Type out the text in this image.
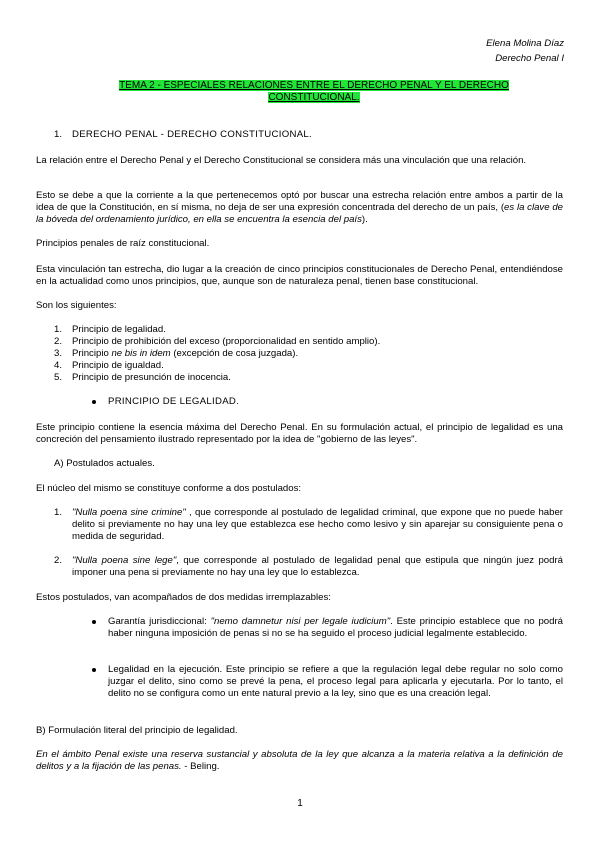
Elena Molina Díaz
Derecho Penal I
TEMA 2 - ESPECIALES RELACIONES ENTRE EL DERECHO PENAL Y EL DERECHO CONSTITUCIONAL.
1. DERECHO PENAL - DERECHO CONSTITUCIONAL.
La relación entre el Derecho Penal y el Derecho Constitucional se considera más una vinculación que una relación.
Esto se debe a que la corriente a la que pertenecemos optó por buscar una estrecha relación entre ambos a partir de la idea de que la Constitución, en sí misma, no deja de ser una expresión concentrada del derecho de un país, (es la clave de la bóveda del ordenamiento jurídico, en ella se encuentra la esencia del país).
Principios penales de raíz constitucional.
Esta vinculación tan estrecha, dio lugar a la creación de cinco principios constitucionales de Derecho Penal, entendiéndose en la actualidad como unos principios, que, aunque son de naturaleza penal, tienen base constitucional.
Son los siguientes:
1. Principio de legalidad.
2. Principio de prohibición del exceso (proporcionalidad en sentido amplio).
3. Principio ne bis in idem (excepción de cosa juzgada).
4. Principio de igualdad.
5. Principio de presunción de inocencia.
PRINCIPIO DE LEGALIDAD.
Este principio contiene la esencia máxima del Derecho Penal. En su formulación actual, el principio de legalidad es una concreción del pensamiento ilustrado representado por la idea de "gobierno de las leyes".
A) Postulados actuales.
El núcleo del mismo se constituye conforme a dos postulados:
1. "Nulla poena sine crimine" , que corresponde al postulado de legalidad criminal, que expone que no puede haber delito si previamente no hay una ley que establezca ese hecho como lesivo y sin aparejar su consiguiente pena o medida de seguridad.
2. "Nulla poena sine lege", que corresponde al postulado de legalidad penal que estipula que ningún juez podrá imponer una pena si previamente no hay una ley que lo establezca.
Estos postulados, van acompañados de dos medidas irremplazables:
Garantía jurisdiccional: "nemo damnetur nisi per legale iudicium". Este principio establece que no podrá haber ninguna imposición de penas si no se ha seguido el proceso judicial legalmente establecido.
Legalidad en la ejecución. Este principio se refiere a que la regulación legal debe regular no solo como juzgar el delito, sino como se prevé la pena, el proceso legal para aplicarla y ejecutarla. Por lo tanto, el delito no se configura como un ente natural previo a la ley, sino que es una creación legal.
B) Formulación literal del principio de legalidad.
En el ámbito Penal existe una reserva sustancial y absoluta de la ley que alcanza a la materia relativa a la definición de delitos y a la fijación de las penas. - Beling.
1
